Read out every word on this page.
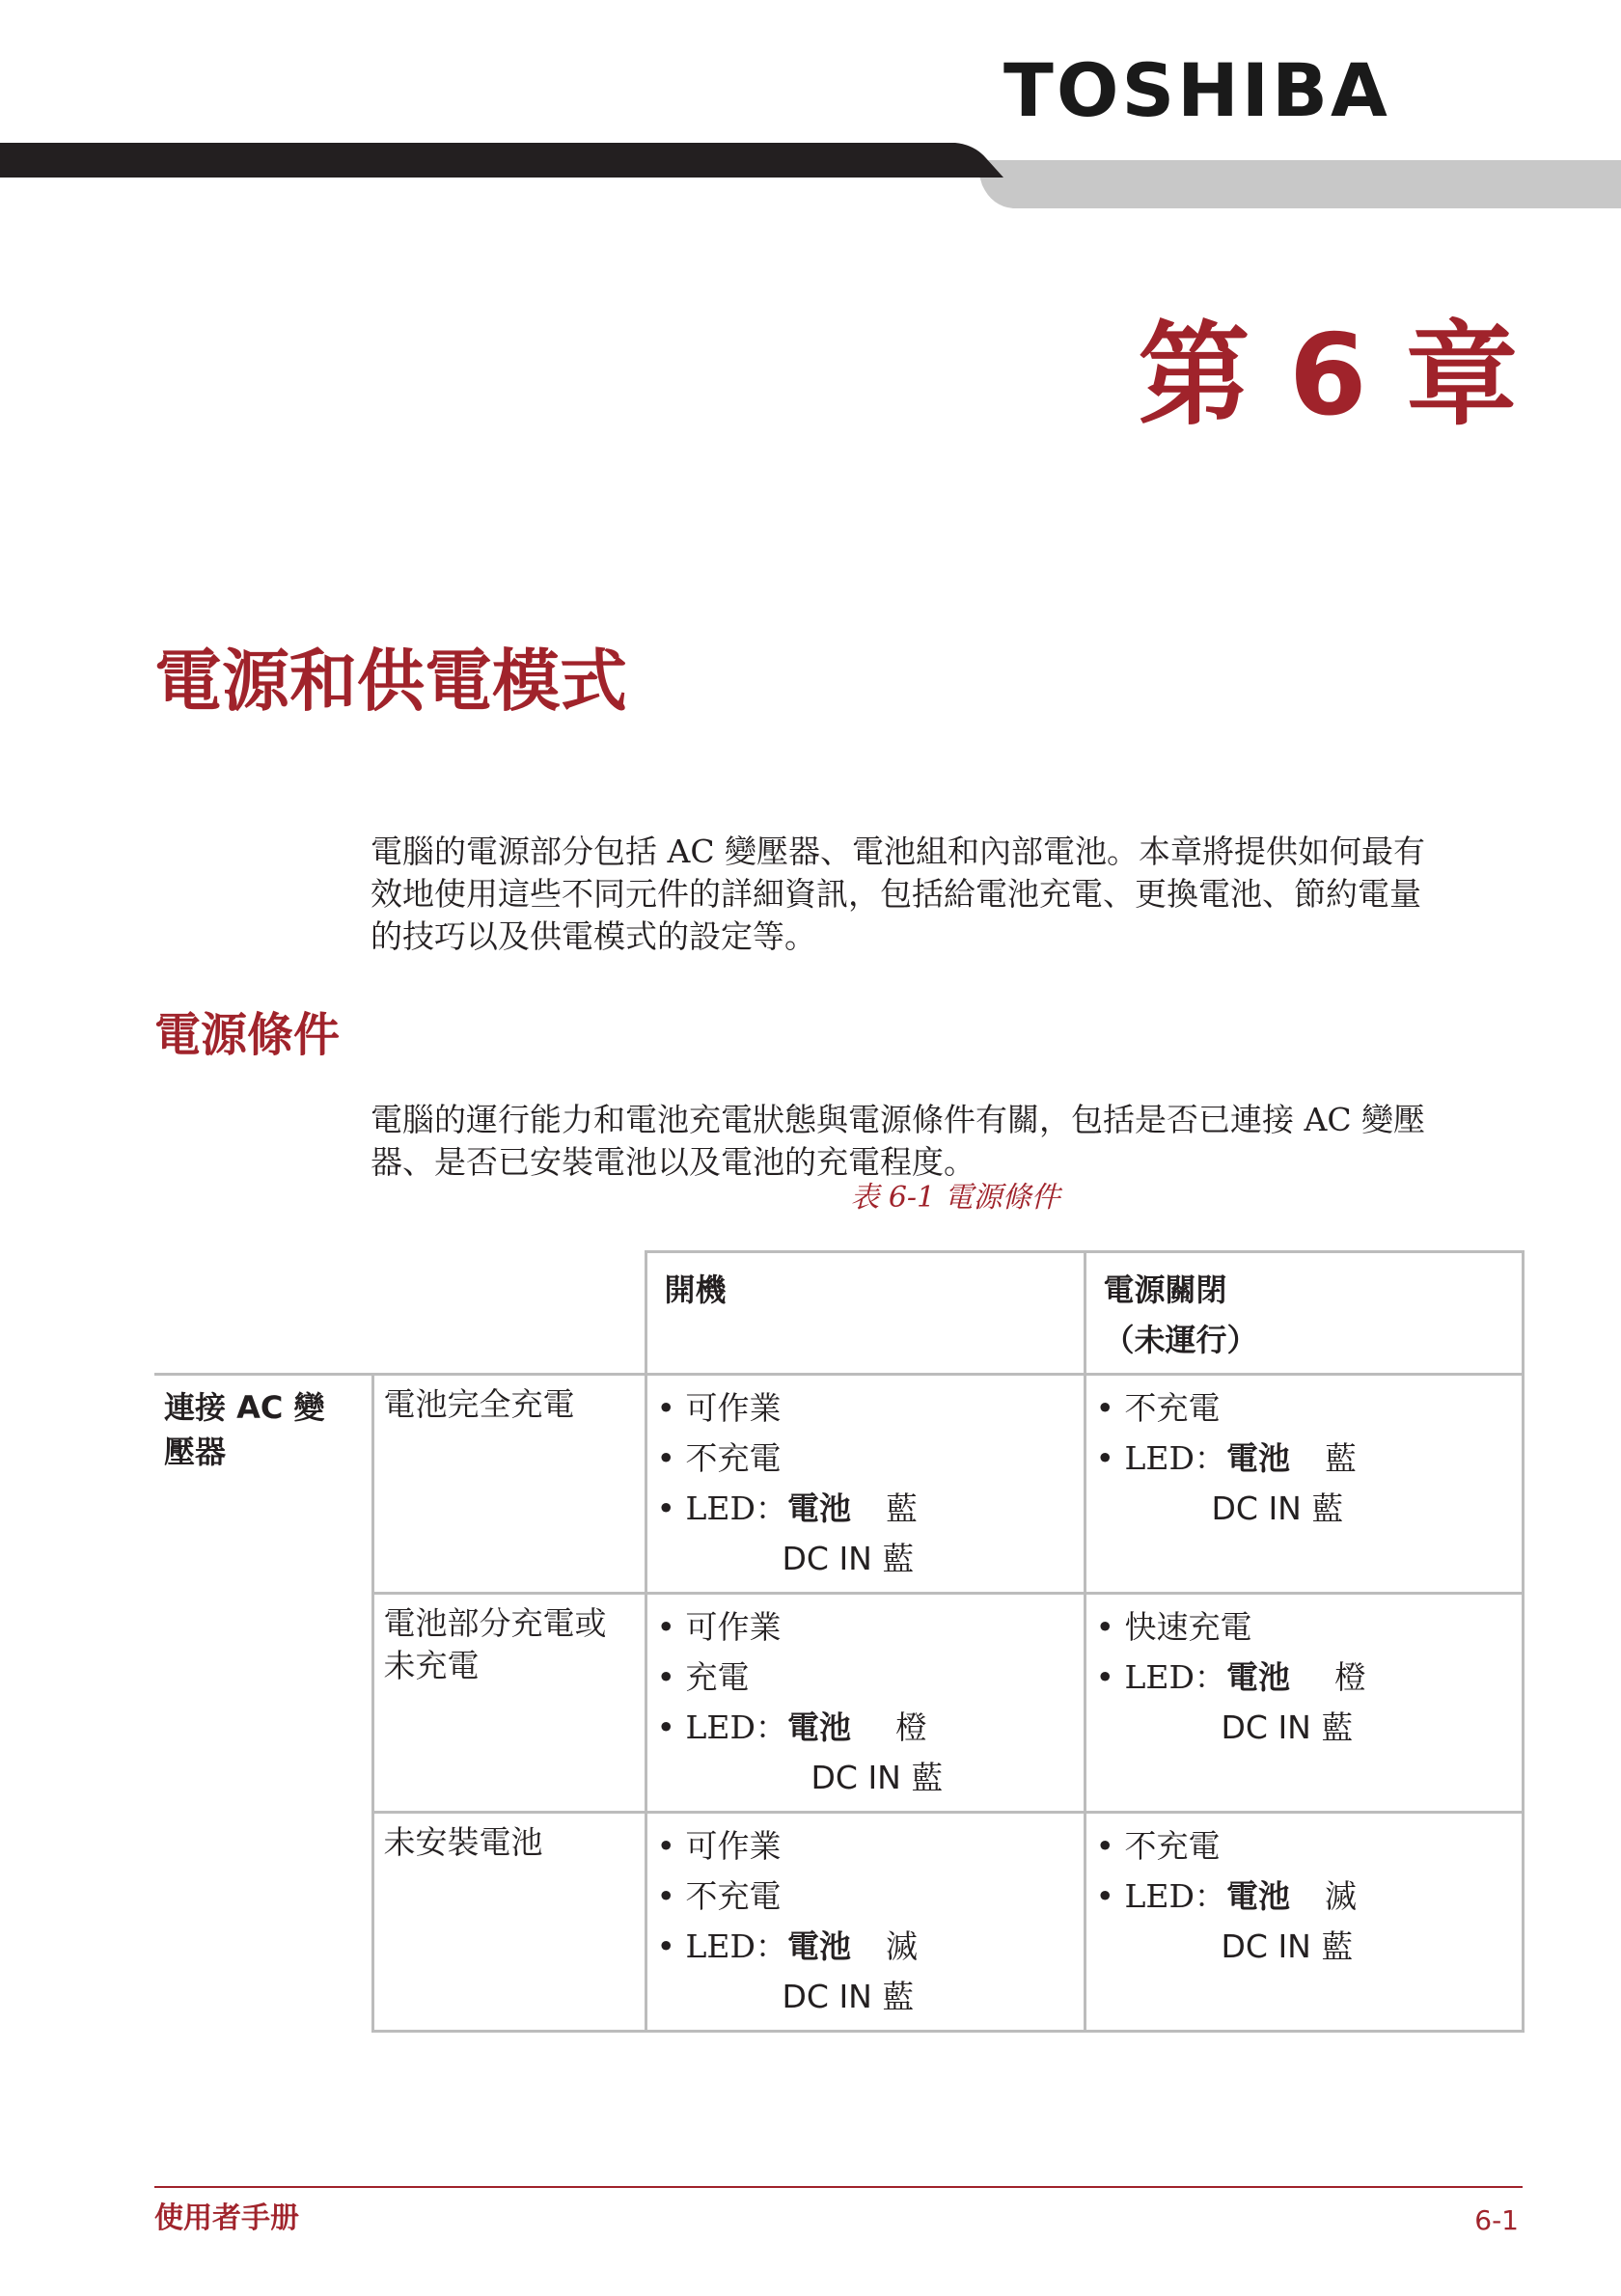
TOSHIBA
第 6 章
電源和供電模式
電腦的電源部分包括 AC 變壓器、電池組和內部電池。本章將提供如何最有
效地使用這些不同元件的詳細資訊，包括給電池充電、更換電池、節約電量
的技巧以及供電模式的設定等。
電源條件
電腦的運行能力和電池充電狀態與電源條件有關，包括是否已連接 AC 變壓
器、是否已安裝電池以及電池的充電程度。
表 6-1 電源條件
		開機	電源關閉
（未運行）

連接 AC 變
壓器	電池完全充電	• 可作業
• 不充電
• LED：電池 藍
DC IN 藍	• 不充電
• LED：電池 藍
DC IN 藍

	電池部分充電或
未充電	• 可作業
• 充電
• LED：電池 橙
DC IN 藍	• 快速充電
• LED：電池 橙
DC IN 藍

	未安裝電池	• 可作業
• 不充電
• LED：電池 滅
DC IN 藍	• 不充電
• LED：電池 滅
DC IN 藍
使用者手册	6-1
